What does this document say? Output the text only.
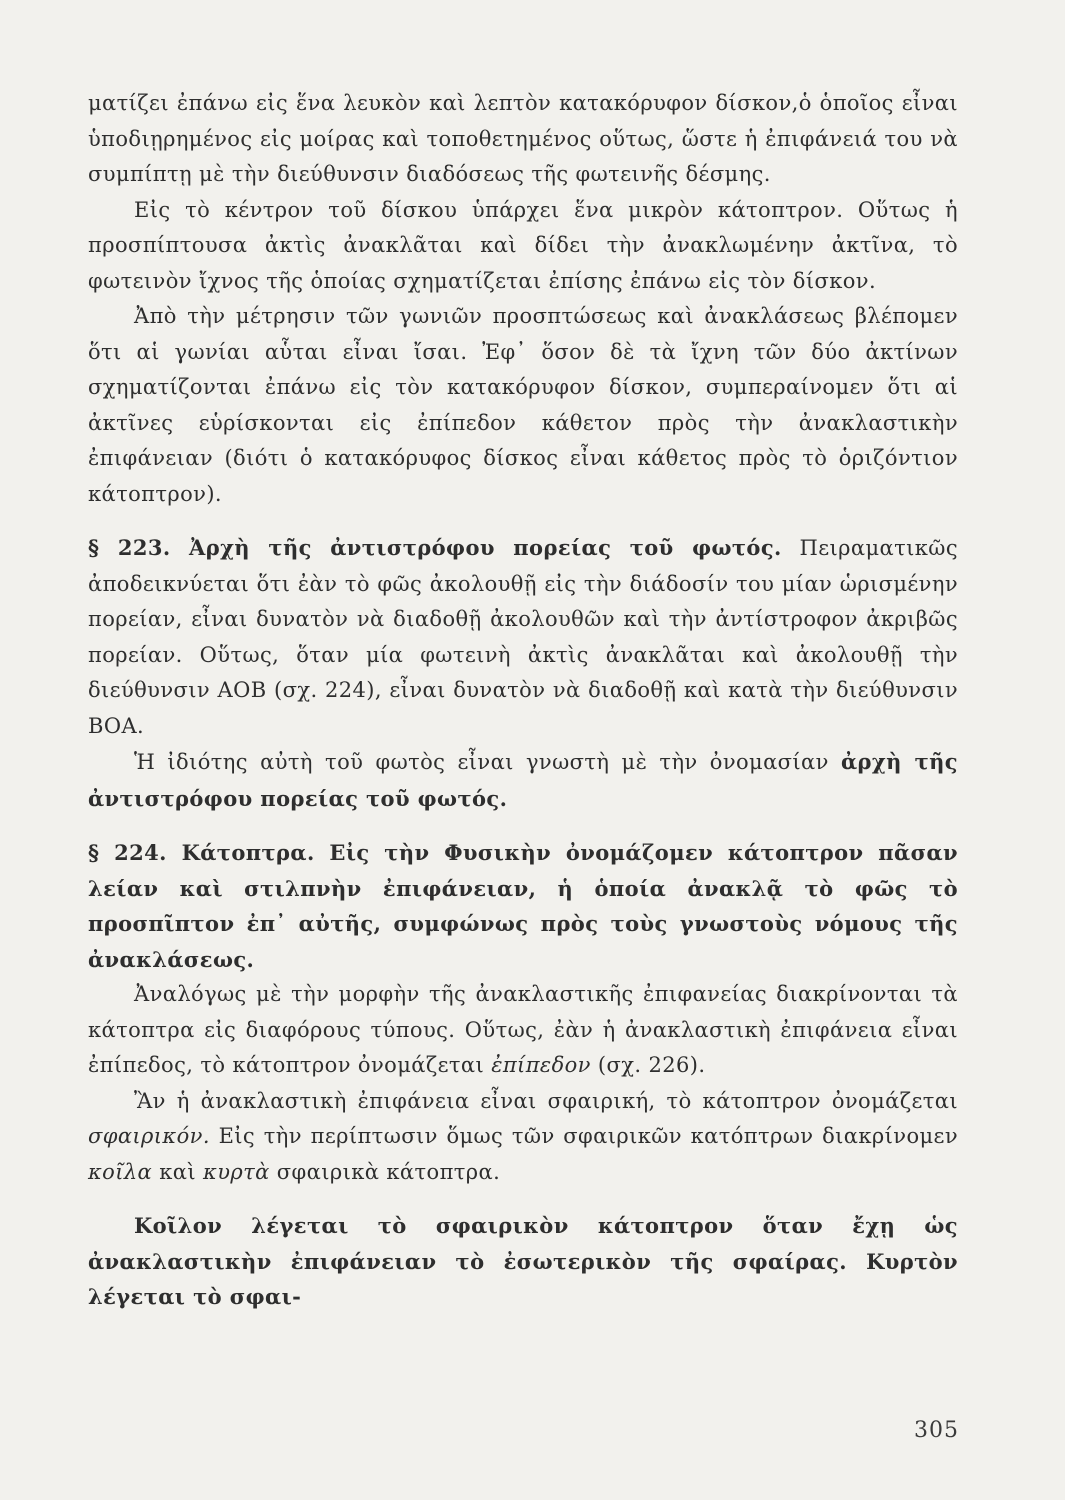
ματίζει ἐπάνω εἰς ἕνα λευκὸν καὶ λεπτὸν κατακόρυφον δίσκον,ὁ ὁποῖος εἶναι ὑποδιῃρημένος εἰς μοίρας καὶ τοποθετημένος οὕτως, ὥστε ἡ ἐπιφάνειά του νὰ συμπίπτῃ μὲ τὴν διεύθυνσιν διαδόσεως τῆς φωτεινῆς δέσμης.

Εἰς τὸ κέντρον τοῦ δίσκου ὑπάρχει ἕνα μικρὸν κάτοπτρον. Οὕτως ἡ προσπίπτουσα ἀκτὶς ἀνακλᾶται καὶ δίδει τὴν ἀνακλωμένην ἀκτῖνα, τὸ φωτεινὸν ἴχνος τῆς ὁποίας σχηματίζεται ἐπίσης ἐπάνω εἰς τὸν δίσκον.

Ἀπὸ τὴν μέτρησιν τῶν γωνιῶν προσπτώσεως καὶ ἀνακλάσεως βλέπομεν ὅτι αἱ γωνίαι αὗται εἶναι ἴσαι. Ἐφ᾽ ὅσον δὲ τὰ ἴχνη τῶν δύο ἀκτίνων σχηματίζονται ἐπάνω εἰς τὸν κατακόρυφον δίσκον, συμπεραίνομεν ὅτι αἱ ἀκτῖνες εὑρίσκονται εἰς ἐπίπεδον κάθετον πρὸς τὴν ἀνακλαστικὴν ἐπιφάνειαν (διότι ὁ κατακόρυφος δίσκος εἶναι κάθετος πρὸς τὸ ὁριζόντιον κάτοπτρον).

§ 223. Ἀρχὴ τῆς ἀντιστρόφου πορείας τοῦ φωτός. Πειραματικῶς ἀποδεικνύεται ὅτι ἐὰν τὸ φῶς ἀκολουθῇ εἰς τὴν διάδοσίν του μίαν ὡρισμένην πορείαν, εἶναι δυνατὸν νὰ διαδοθῇ ἀκολουθῶν καὶ τὴν ἀντίστροφον ἀκριβῶς πορείαν. Οὕτως, ὅταν μία φωτεινὴ ἀκτὶς ἀνακλᾶται καὶ ἀκολουθῇ τὴν διεύθυνσιν ΑΟΒ (σχ. 224), εἶναι δυνατὸν νὰ διαδοθῇ καὶ κατὰ τὴν διεύθυνσιν ΒΟΑ.

Ἡ ἰδιότης αὐτὴ τοῦ φωτὸς εἶναι γνωστὴ μὲ τὴν ὀνομασίαν ἀρχὴ τῆς ἀντιστρόφου πορείας τοῦ φωτός.

§ 224. Κάτοπτρα. Εἰς τὴν Φυσικὴν ὀνομάζομεν κάτοπτρον πᾶσαν λείαν καὶ στιλπνὴν ἐπιφάνειαν, ἡ ὁποία ἀνακλᾷ τὸ φῶς τὸ προσπῖπτον ἐπ᾽ αὐτῆς, συμφώνως πρὸς τοὺς γνωστοὺς νόμους τῆς ἀνακλάσεως.

Ἀναλόγως μὲ τὴν μορφὴν τῆς ἀνακλαστικῆς ἐπιφανείας διακρίνονται τὰ κάτοπτρα εἰς διαφόρους τύπους. Οὕτως, ἐὰν ἡ ἀνακλαστικὴ ἐπιφάνεια εἶναι ἐπίπεδος, τὸ κάτοπτρον ὀνομάζεται ἐπίπεδον (σχ. 226).

Ἂν ἡ ἀνακλαστικὴ ἐπιφάνεια εἶναι σφαιρική, τὸ κάτοπτρον ὀνομάζεται σφαιρικόν. Εἰς τὴν περίπτωσιν ὅμως τῶν σφαιρικῶν κατόπτρων διακρίνομεν κοῖλα καὶ κυρτὰ σφαιρικὰ κάτοπτρα.

Κοῖλον λέγεται τὸ σφαιρικὸν κάτοπτρον ὅταν ἔχῃ ὡς ἀνακλαστικὴν ἐπιφάνειαν τὸ ἐσωτερικὸν τῆς σφαίρας. Κυρτὸν λέγεται τὸ σφαι-

305
